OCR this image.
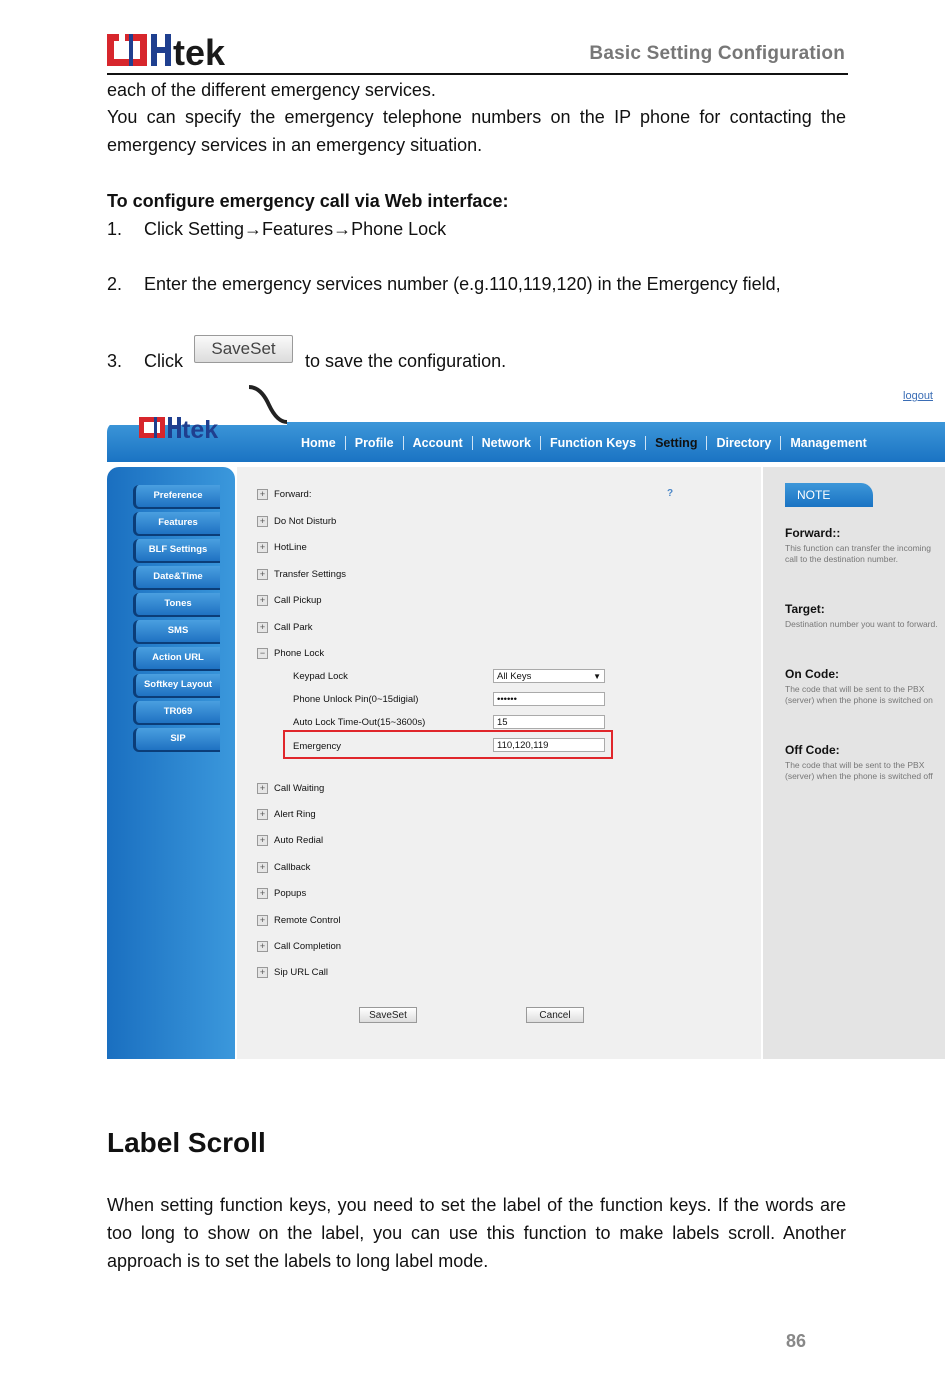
tek	Basic Setting Configuration
each of the different emergency services.
You can specify the emergency telephone numbers on the IP phone for contacting the emergency services in an emergency situation.
To configure emergency call via Web interface:
1. Click Setting→Features→Phone Lock
2. Enter the emergency services number (e.g.110,119,120) in the Emergency field,
3. Click
SaveSet
to save the configuration.
tek
logout
Home	Profile	Account	Network	Function Keys	Setting	Directory	Management
Preference
Features
BLF Settings
Date&Time
Tones
SMS
Action URL
Softkey Layout
TR069
SIP
?
+ Forward:
+ Do Not Disturb
+ HotLine
+ Transfer Settings
+ Call Pickup
+ Call Park
− Phone Lock
Keypad Lock	All Keys	▼
Phone Unlock Pin(0~15digial)	••••••
Auto Lock Time-Out(15~3600s)	15
Emergency	110,120,119
+ Call Waiting
+ Alert Ring
+ Auto Redial
+ Callback
+ Popups
+ Remote Control
+ Call Completion
+ Sip URL Call
SaveSet	Cancel
NOTE
Forward::
This function can transfer the incoming call to the destination number.
Target:
Destination number you want to forward.
On Code:
The code that will be sent to the PBX (server) when the phone is switched on
Off Code:
The code that will be sent to the PBX (server) when the phone is switched off
Label Scroll
When setting function keys, you need to set the label of the function keys. If the words are too long to show on the label, you can use this function to make labels scroll. Another approach is to set the labels to long label mode.
86
